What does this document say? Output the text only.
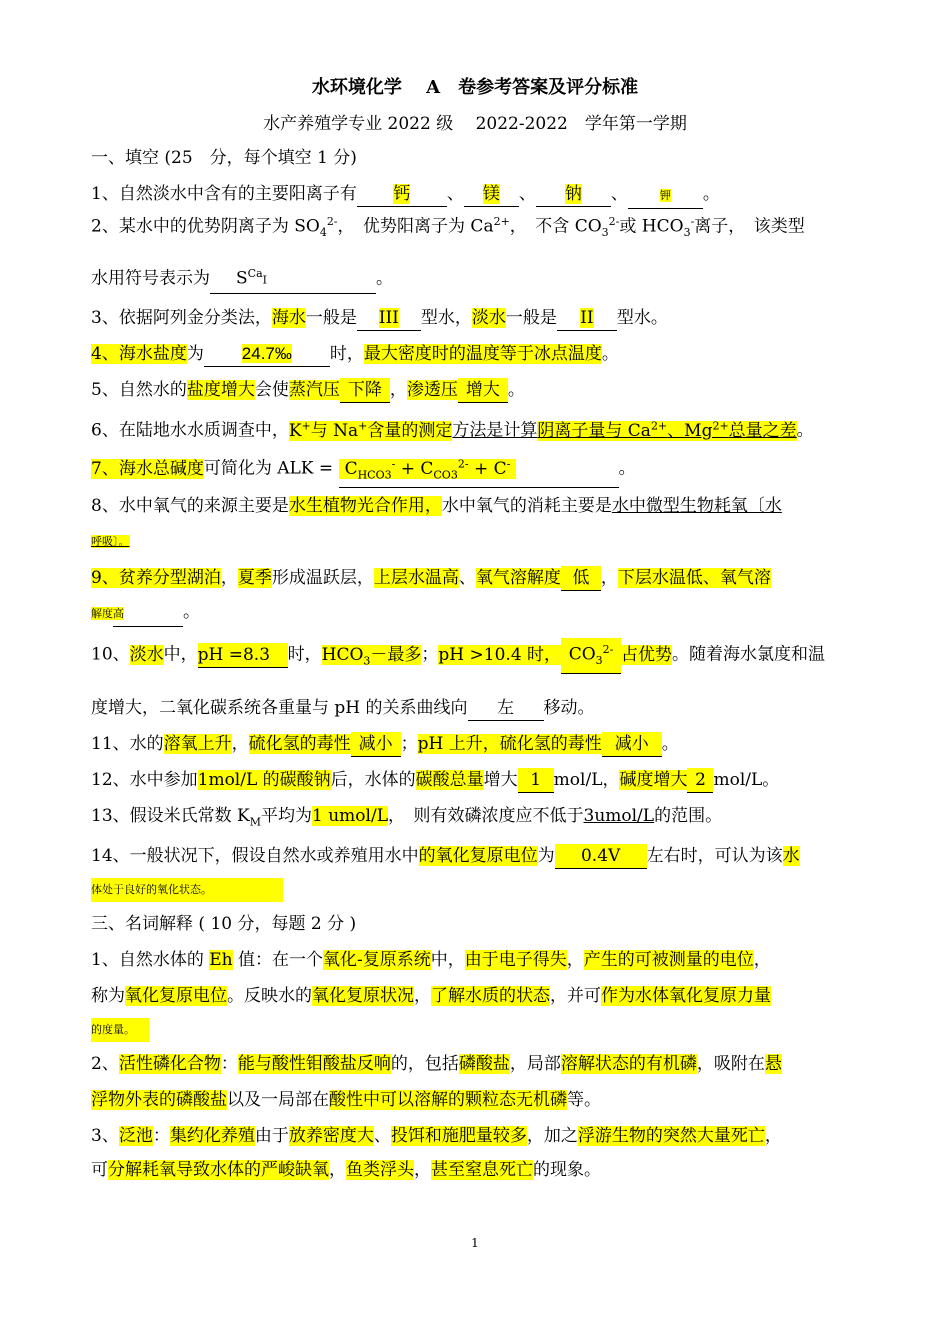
水环境化学　 A　卷参考答案及评分标准
水产养殖学专业 2022 级　 2022-2022　学年第一学期
一、填空 (25　分，每个填空 1 分)
1、自然淡水中含有的主要阳离子有 钙 、 镁 、 钠 、	钾 。
2、某水中的优势阴离子为 $SO_4^{2-}$，　优势阳离子为 $Ca^{2+}$，　不含 $CO_3^{2-}$或 $HCO_3^-$离子，　该类型
水用符号表示为 $S^{Ca}Ⅰ$	。
3、依据阿列金分类法，海水一般是 III 型水，淡水一般是 II 型水。
4、海水盐度为 24.7‰ 时，最大密度时的温度等于冰点温度。
5、自然水的盐度增大会使蒸汽压 下降 ，渗透压 增大 。
6、在陆地水水质调查中，K+与 Na+含量的测定方法是计算阴离子量与 $Ca^{2+}$、$Mg^{2+}$总量之差。
7、海水总碱度可简化为 ALK = $C_{HCO3}^- + C_{CO3}^{2-} + C^-$	。
8、水中氧气的来源主要是水生植物光合作用，水中氧气的消耗主要是水中微型生物耗氧〔水
呼吸〕。
9、贫养分型湖泊，夏季形成温跃层，上层水温高、氧气溶解度 低 ，下层水温低、氧气溶
解度高	。
10、淡水中，pH =8.3 时，$HCO_3-$最多；pH >10.4 时， $CO_3^{2-}$ 占优势。随着海水氯度和温
度增大，二氧化碳系统各重量与 pH 的关系曲线向 左 移动。
11、水的溶氧上升，硫化氢的毒性 减小 ；pH 上升，硫化氢的毒性 减小 。
12、水中参加1mol/L 的碳酸钠后，水体的碳酸总量增大 1 mol/L，碱度增大 2 mol/L。
13、假设米氏常数 $K_M$平均为1 umol/L，　则有效磷浓度应不低于3umol/L的范围。
14、一般状况下，假设自然水或养殖用水中的氧化复原电位为 0.4V 左右时，可认为该水
体处于良好的氧化状态。
三、名词解释 ( 10 分，每题 2 分 )
1、自然水体的 Eh 值：在一个氧化-复原系统中，由于电子得失，产生的可被测量的电位，
称为氧化复原电位。反映水的氧化复原状况，了解水质的状态，并可作为水体氧化复原力量
的度量。
2、活性磷化合物：能与酸性钼酸盐反响的，包括磷酸盐，局部溶解状态的有机磷，吸附在悬
浮物外表的磷酸盐以及一局部在酸性中可以溶解的颗粒态无机磷等。
3、泛池：集约化养殖由于放养密度大、投饵和施肥量较多，加之浮游生物的突然大量死亡，
可分解耗氧导致水体的严峻缺氧，鱼类浮头，甚至窒息死亡的现象。
1
